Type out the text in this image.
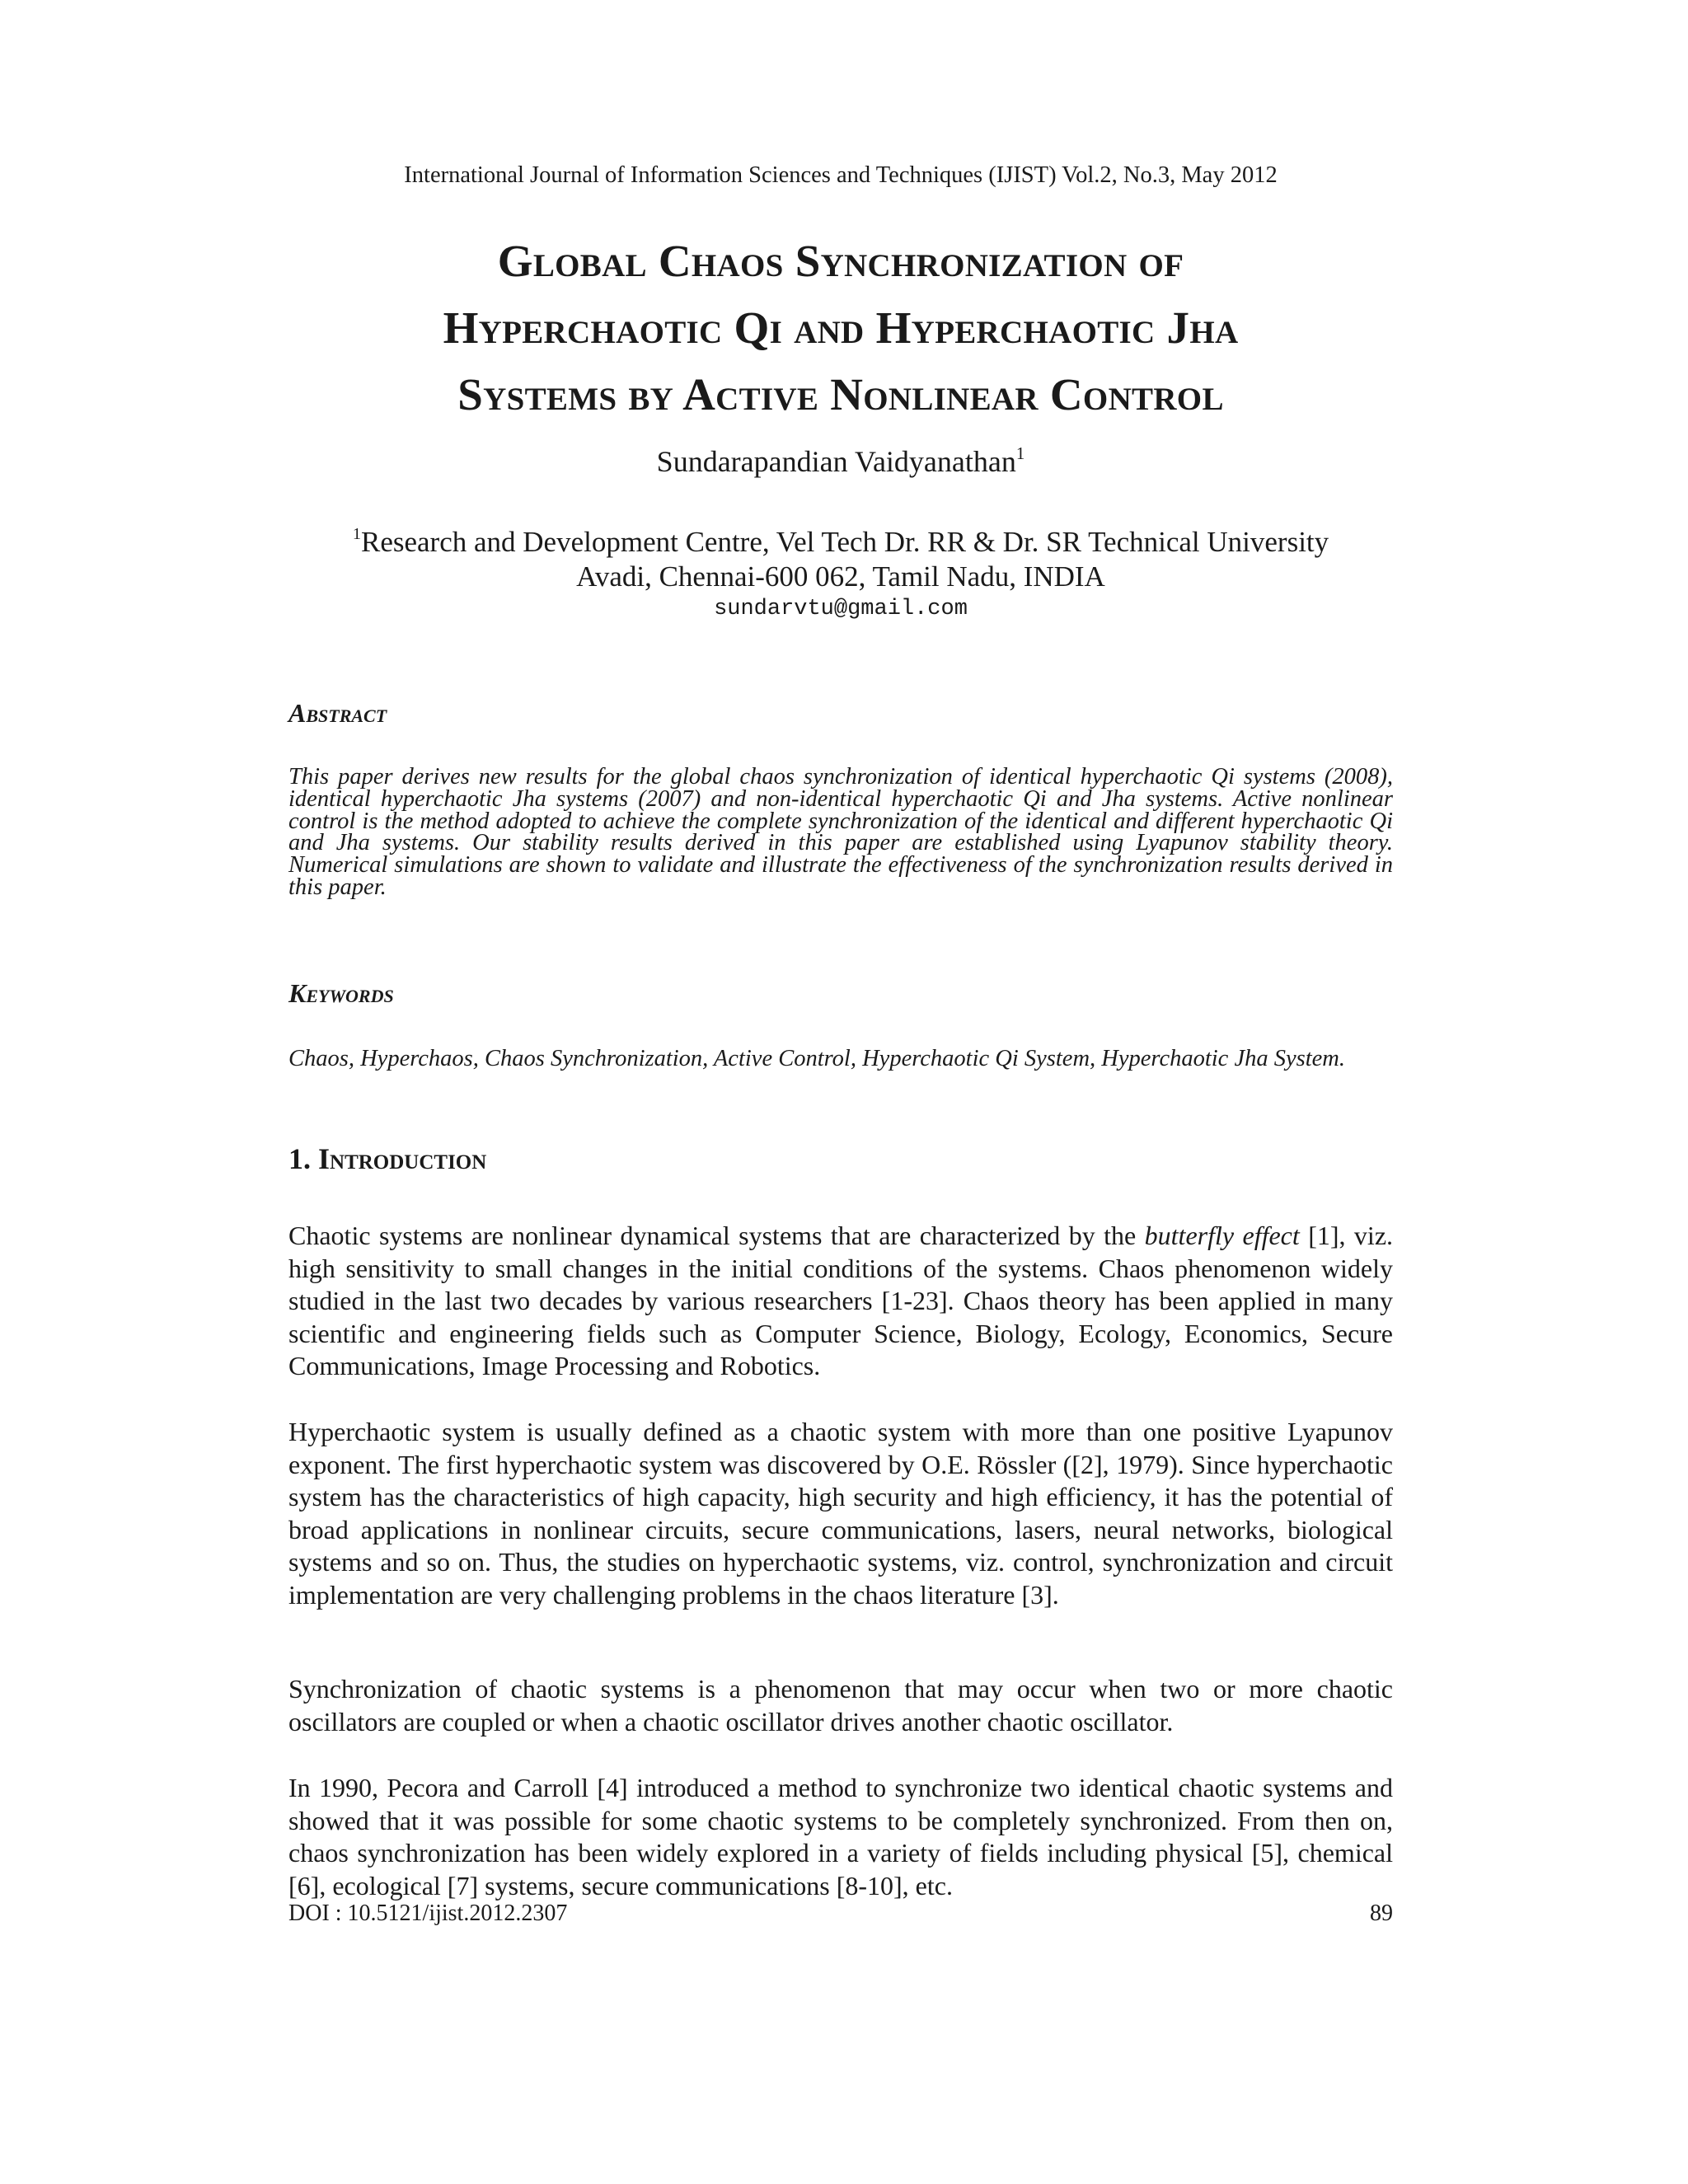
International Journal of Information Sciences and Techniques (IJIST) Vol.2, No.3, May 2012
Global Chaos Synchronization of
Hyperchaotic Qi and Hyperchaotic Jha
Systems by Active Nonlinear Control
Sundarapandian Vaidyanathan$^1$
$^1$Research and Development Centre, Vel Tech Dr. RR & Dr. SR Technical University
Avadi, Chennai-600 062, Tamil Nadu, INDIA
sundarvtu@gmail.com
Abstract

This paper derives new results for the global chaos synchronization of identical hyperchaotic Qi systems (2008), identical hyperchaotic Jha systems (2007) and non-identical hyperchaotic Qi and Jha systems. Active nonlinear control is the method adopted to achieve the complete synchronization of the identical and different hyperchaotic Qi and Jha systems. Our stability results derived in this paper are established using Lyapunov stability theory. Numerical simulations are shown to validate and illustrate the effectiveness of the synchronization results derived in this paper.

Keywords

Chaos, Hyperchaos, Chaos Synchronization, Active Control, Hyperchaotic Qi System, Hyperchaotic Jha System.

1. Introduction

Chaotic systems are nonlinear dynamical systems that are characterized by the butterfly effect [1], viz. high sensitivity to small changes in the initial conditions of the systems. Chaos phenomenon widely studied in the last two decades by various researchers [1-23]. Chaos theory has been applied in many scientific and engineering fields such as Computer Science, Biology, Ecology, Economics, Secure Communications, Image Processing and Robotics.

Hyperchaotic system is usually defined as a chaotic system with more than one positive Lyapunov exponent. The first hyperchaotic system was discovered by O.E. Rössler ([2], 1979). Since hyperchaotic system has the characteristics of high capacity, high security and high efficiency, it has the potential of broad applications in nonlinear circuits, secure communications, lasers, neural networks, biological systems and so on. Thus, the studies on hyperchaotic systems, viz. control, synchronization and circuit implementation are very challenging problems in the chaos literature [3].

Synchronization of chaotic systems is a phenomenon that may occur when two or more chaotic oscillators are coupled or when a chaotic oscillator drives another chaotic oscillator.

In 1990, Pecora and Carroll [4] introduced a method to synchronize two identical chaotic systems and showed that it was possible for some chaotic systems to be completely synchronized. From then on, chaos synchronization has been widely explored in a variety of fields including physical [5], chemical [6], ecological [7] systems, secure communications [8-10], etc.

DOI : 10.5121/ijist.2012.2307	89
